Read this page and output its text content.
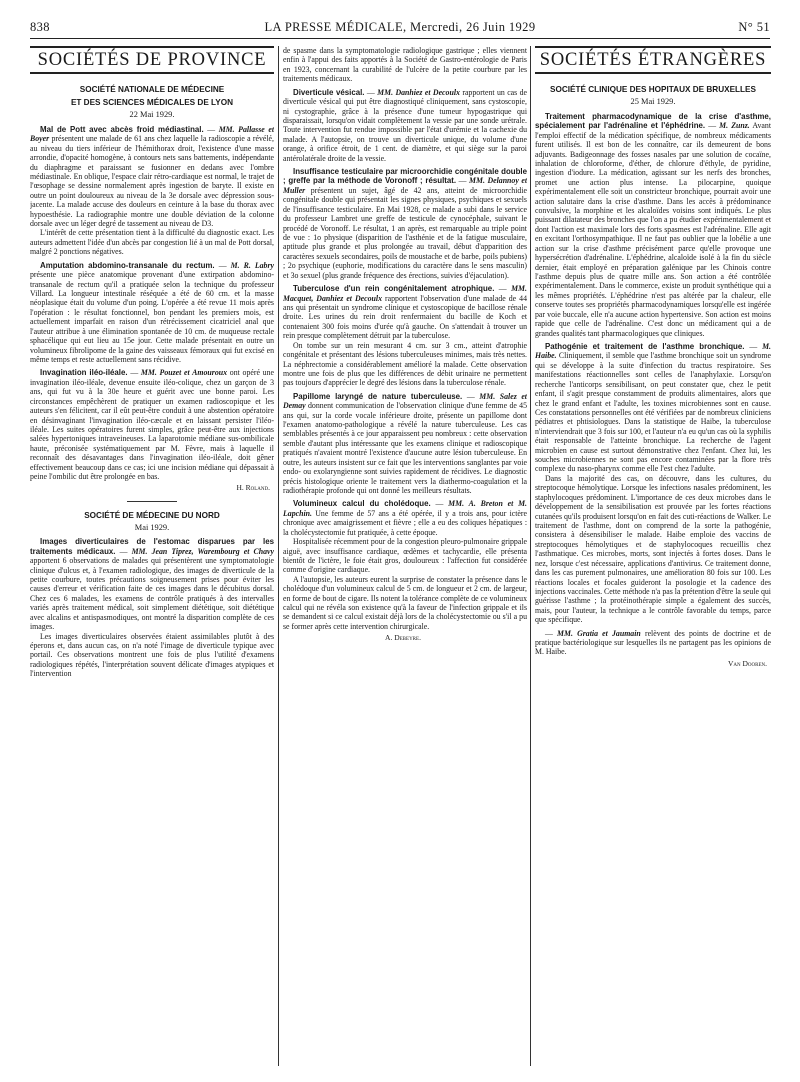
838	LA PRESSE MÉDICALE, Mercredi, 26 Juin 1929	N° 51
SOCIÉTÉS DE PROVINCE
SOCIÉTÉ NATIONALE DE MÉDECINE
ET DES SCIENCES MÉDICALES DE LYON
22 Mai 1929.

Mal de Pott avec abcès froid médiastinal. — MM. Pallasse et Boyer présentent une malade de 61 ans chez laquelle la radioscopie a révélé, au niveau du tiers inférieur de l'hémithorax droit, l'existence d'une masse arrondie, d'opacité homogène, à contours nets sans battements, indépendante du diaphragme et paraissant se fusionner en dedans avec l'ombre médiastinale. En oblique, l'espace clair rétro-cardiaque est normal, le trajet de l'œsophage se dessine normalement après ingestion de baryte. Il existe en outre un point douloureux au niveau de la 3e dorsale avec dépression sous-jacente. La malade accuse des douleurs en ceinture à la base du thorax avec hypoesthésie. La radiographie montre une double déviation de la colonne dorsale avec un léger degré de tassement au niveau de D3.

L'intérêt de cette présentation tient à la difficulté du diagnostic exact. Les auteurs admettent l'idée d'un abcès par congestion lié à un mal de Pott dorsal, malgré 2 ponctions négatives.

Amputation abdomino-transanale du rectum. — M. R. Labry présente une pièce anatomique provenant d'une extirpation abdomino-transanale de rectum qu'il a pratiquée selon la technique du professeur Villard. La longueur intestinale réséquée a été de 60 cm. et la masse néoplasique était du volume d'un poing. L'opérée a été revue 11 mois après l'opération : le résultat fonctionnel, bon pendant les premiers mois, est actuellement imparfait en raison d'un rétrécissement cicatriciel anal que l'auteur attribue à une élimination spontanée de 10 cm. de muqueuse rectale sphacélique qui eut lieu au 15e jour. Cette malade présentait en outre un volumineux fibrolipome de la gaine des vaisseaux fémoraux qui fut excisé en même temps et reste actuellement sans récidive.

Invagination iléo-iléale. — MM. Pouzet et Amouroux ont opéré une invagination iléo-iléale, devenue ensuite iléo-colique, chez un garçon de 3 ans, qui fut vu à la 30e heure et guérit avec une bonne paroi. Les circonstances empêchèrent de pratiquer un examen radioscopique et les auteurs s'en félicitent, car il eût peut-être conduit à une abstention opératoire en désinvaginant l'invagination iléo-cæcale et en laissant persister l'iléo-iléale. Les suites opératoires furent simples, grâce peut-être aux injections salées hypertoniques intraveineuses. La laparotomie médiane sus-ombilicale haute, préconisée systématiquement par M. Fèvre, mais à laquelle il reconnaît des désavantages dans l'invagination iléo-iléale, doit gêner effectivement beaucoup dans ce cas; ici une incision médiane qui dépassait à peine l'ombilic dut être prolongée en bas.

H. Roland.
SOCIÉTÉ DE MÉDECINE DU NORD
Mai 1929.

Images diverticulaires de l'estomac disparues par les traitements médicaux. — MM. Jean Tiprez, Warembourg et Chavy apportent 6 observations de malades qui présentèrent une symptomatologie clinique d'ulcus et, à l'examen radiologique, des images de diverticule de la petite courbure, toutes précautions soigneusement prises pour éviter les causes d'erreur et vérification faite de ces images dans le décubitus dorsal. Chez ces 6 malades, les examens de contrôle pratiqués à des intervalles variés après traitement médical, soit simplement diététique, soit diététique avec alcalins et antispasmodiques, ont montré la disparition complète de ces images.

Les images diverticulaires observées étaient assimilables plutôt à des éperons et, dans aucun cas, on n'a noté l'image de diverticule typique avec portail. Ces observations montrent une fois de plus l'utilité d'examens radiologiques répétés, l'interprétation souvent délicate d'images atypiques et l'intervention

de spasme dans la symptomatologie radiologique gastrique ; elles viennent enfin à l'appui des faits apportés à la Société de Gastro-entérologie de Paris en 1923, concernant la curabilité de l'ulcère de la petite courbure par les traitements médicaux.

Diverticule vésical. — MM. Danhiez et Decoulx rapportent un cas de diverticule vésical qui put être diagnostiqué cliniquement, sans cystoscopie, ni cystographie, grâce à la présence d'une tumeur hypogastrique qui disparaissait, lorsqu'on vidait complètement la vessie par une sonde urétrale. Toute intervention fut rendue impossible par l'état d'urémie et la cachexie du malade. A l'autopsie, on trouve un diverticule unique, du volume d'une orange, à orifice étroit, de 1 cent. de diamètre, et qui siège sur la paroi antérolatérale droite de la vessie.

Insuffisance testiculaire par microorchidie congénitale double ; greffe par la méthode de Voronoff ; résultat. — MM. Delannoy et Muller présentent un sujet, âgé de 42 ans, atteint de microorchidie congénitale double qui présentait les signes physiques, psychiques et sexuels de l'insuffisance testiculaire. En Mai 1928, ce malade a subi dans le service du professeur Lambret une greffe de testicule de cynocéphale, suivant le procédé de Voronoff. Le résultat, 1 an après, est remarquable au triple point de vue : 1o physique (disparition de l'asthénie et de la fatigue musculaire, aptitude plus grande et plus prolongée au travail, début d'apparition des caractères sexuels secondaires, poils de moustache et de barbe, poils pubiens) ; 2o psychique (euphorie, modifications du caractère dans le sens masculin) et 3o sexuel (plus grande fréquence des érections, suivies d'éjaculation).

Tuberculose d'un rein congénitalement atrophique. — MM. Macquet, Danhiez et Decoulx rapportent l'observation d'une malade de 44 ans qui présentait un syndrome clinique et cystoscopique de bacillose rénale droite. Les urines du rein droit renfermaient du bacille de Koch et contenaient 300 fois moins d'urée qu'à gauche. On s'attendait à trouver un rein presque complètement détruit par la tuberculose.

On tombe sur un rein mesurant 4 cm. sur 3 cm., atteint d'atrophie congénitale et présentant des lésions tuberculeuses minimes, mais très nettes. La néphrectomie a considérablement amélioré la malade. Cette observation montre une fois de plus que les différences de débit urinaire ne permettent pas toujours d'apprécier le degré des lésions dans la tuberculose rénale.

Papillome laryngé de nature tuberculeuse. — MM. Salez et Demay donnent communication de l'observation clinique d'une femme de 45 ans qui, sur la corde vocale inférieure droite, présente un papillome dont l'examen anatomo-pathologique a révélé la nature tuberculeuse. Les cas semblables présentés à ce jour apparaissent peu nombreux : cette observation semble d'autant plus intéressante que les examens clinique et radioscopique pratiqués n'avaient montré l'existence d'aucune autre lésion tuberculeuse. En outre, les auteurs insistent sur ce fait que les interventions sanglantes par voie endo- ou exolaryngienne sont suivies rapidement de récidives. Le diagnostic précis histologique oriente le traitement vers la diathermo-coagulation et la radiothérapie profonde qui ont donné les meilleurs résultats.

Volumineux calcul du cholédoque. — MM. A. Breton et M. Lapchin. Une femme de 57 ans a été opérée, il y a trois ans, pour ictère chronique avec amaigrissement et fièvre ; elle a eu des coliques hépatiques : la cholécystectomie fut pratiquée, à cette époque.

Hospitalisée récemment pour de la congestion pleuro-pulmonaire grippale aiguë, avec insuffisance cardiaque, œdèmes et tachycardie, elle présenta bientôt de l'ictère, le foie était gros, douloureux : l'affection fut considérée comme d'origine cardiaque.

A l'autopsie, les auteurs eurent la surprise de constater la présence dans le cholédoque d'un volumineux calcul de 5 cm. de longueur et 2 cm. de largeur, en forme de bout de cigare. Ils notent la tolérance complète de ce volumineux calcul qui ne révéla son existence qu'à la faveur de l'infection grippale et ils se demandent si ce calcul existait déjà lors de la cholécystectomie ou s'il a pu se former après cette intervention chirurgicale.

A. Debeyre.
SOCIÉTÉS ÉTRANGÈRES
SOCIÉTÉ CLINIQUE DES HOPITAUX DE BRUXELLES
25 Mai 1929.

Traitement pharmacodynamique de la crise d'asthme, spécialement par l'adrénaline et l'éphédrine. — M. Zunz. Avant l'emploi effectif de la médication spécifique, de nombreux médicaments furent utilisés. Il est bon de les connaître, car ils demeurent de bons adjuvants. Badigeonnage des fosses nasales par une solution de cocaïne, inhalation de chloroforme, d'éther, de chlorure d'éthyle, de pyridine, ingestion d'iodure. La médication, agissant sur les nerfs des bronches, promet une action plus intense. La pilocarpine, quoique expérimentalement elle soit un constricteur bronchique, pourrait avoir une action salutaire dans la crise d'asthme. Dans les accès à prédominance convulsive, la morphine et les alcaloïdes voisins sont indiqués. Le plus puissant dilatateur des bronches que l'on a pu étudier expérimentalement et dont l'action est maximale lors des forts spasmes est l'adrénaline. Elle agit en excitant l'orthosympathique. Il ne faut pas oublier que la lobélie a une action sur la crise d'asthme précisément parce qu'elle provoque une hypersécrétion d'adrénaline. L'éphédrine, alcaloïde isolé à la fin du siècle dernier, était employé en préparation galénique par les Chinois contre l'asthme depuis plus de quatre mille ans. Son action a été contrôlée expérimentalement. Dans le commerce, existe un produit synthétique qui a les mêmes propriétés. L'éphédrine n'est pas altérée par la chaleur, elle conserve toutes ses propriétés pharmacodynamiques lorsqu'elle est ingérée par voie buccale, elle n'a aucune action hypertensive. Son action est moins rapide que celle de l'adrénaline. C'est donc un médicament qui a de grandes qualités tant pharmacologiques que cliniques.

Pathogénie et traitement de l'asthme bronchique. — M. Haibe. Cliniquement, il semble que l'asthme bronchique soit un syndrome qui se développe à la suite d'infection du tractus respiratoire. Ses manifestations réactionnelles sont celles de l'anaphylaxie. Lorsqu'on recherche l'anticorps sensibilisant, on peut constater que, chez le petit enfant, il s'agit presque constamment de produits alimentaires, alors que chez le grand enfant et l'adulte, les toxines microbiennes sont en cause. Ces constatations personnelles ont été vérifiées par de nombreux cliniciens pédiatres et phtisiologues. Dans la statistique de Haibe, la tuberculose n'interviendrait que 3 fois sur 100, et l'auteur n'a eu qu'un cas où la syphilis était responsable de l'atteinte bronchique. La recherche de l'agent microbien en cause est surtout démonstrative chez l'enfant. Chez lui, les souches microbiennes ne sont pas encore contaminées par la flore très complexe du naso-pharynx comme elle l'est chez l'adulte.

Dans la majorité des cas, on découvre, dans les cultures, du streptocoque hémolytique. Lorsque les infections nasales prédominent, les staphylocoques prédominent. L'importance de ces deux microbes dans le développement de la sensibilisation est prouvée par les fortes réactions cutanées qu'ils produisent lorsqu'on en fait des cuti-réactions de Walker. Le traitement de l'asthme, dont on comprend de la sorte la pathogénie, consistera à désensibiliser le malade. Haibe emploie des vaccins de streptocoques hémolytiques et de staphylocoques recueillis chez l'asthmatique. Ces microbes, morts, sont injectés à fortes doses. Dans le nez, lorsque c'est nécessaire, applications d'antivirus. Ce traitement donne, dans les cas purement pulmonaires, une amélioration 80 fois sur 100. Les réactions locales et focales guideront la posologie et la cadence des injections vaccinales. Cette méthode n'a pas la prétention d'être la seule qui guérisse l'asthme ; la protéinothérapie simple a également des succès, mais, pour l'auteur, la technique a le contrôle favorable du temps, parce que spécifique.

— MM. Gratia et Jaumain relèvent des points de doctrine et de pratique bactériologique sur lesquelles ils ne partagent pas les opinions de M. Haibe.

Van Dooren.
